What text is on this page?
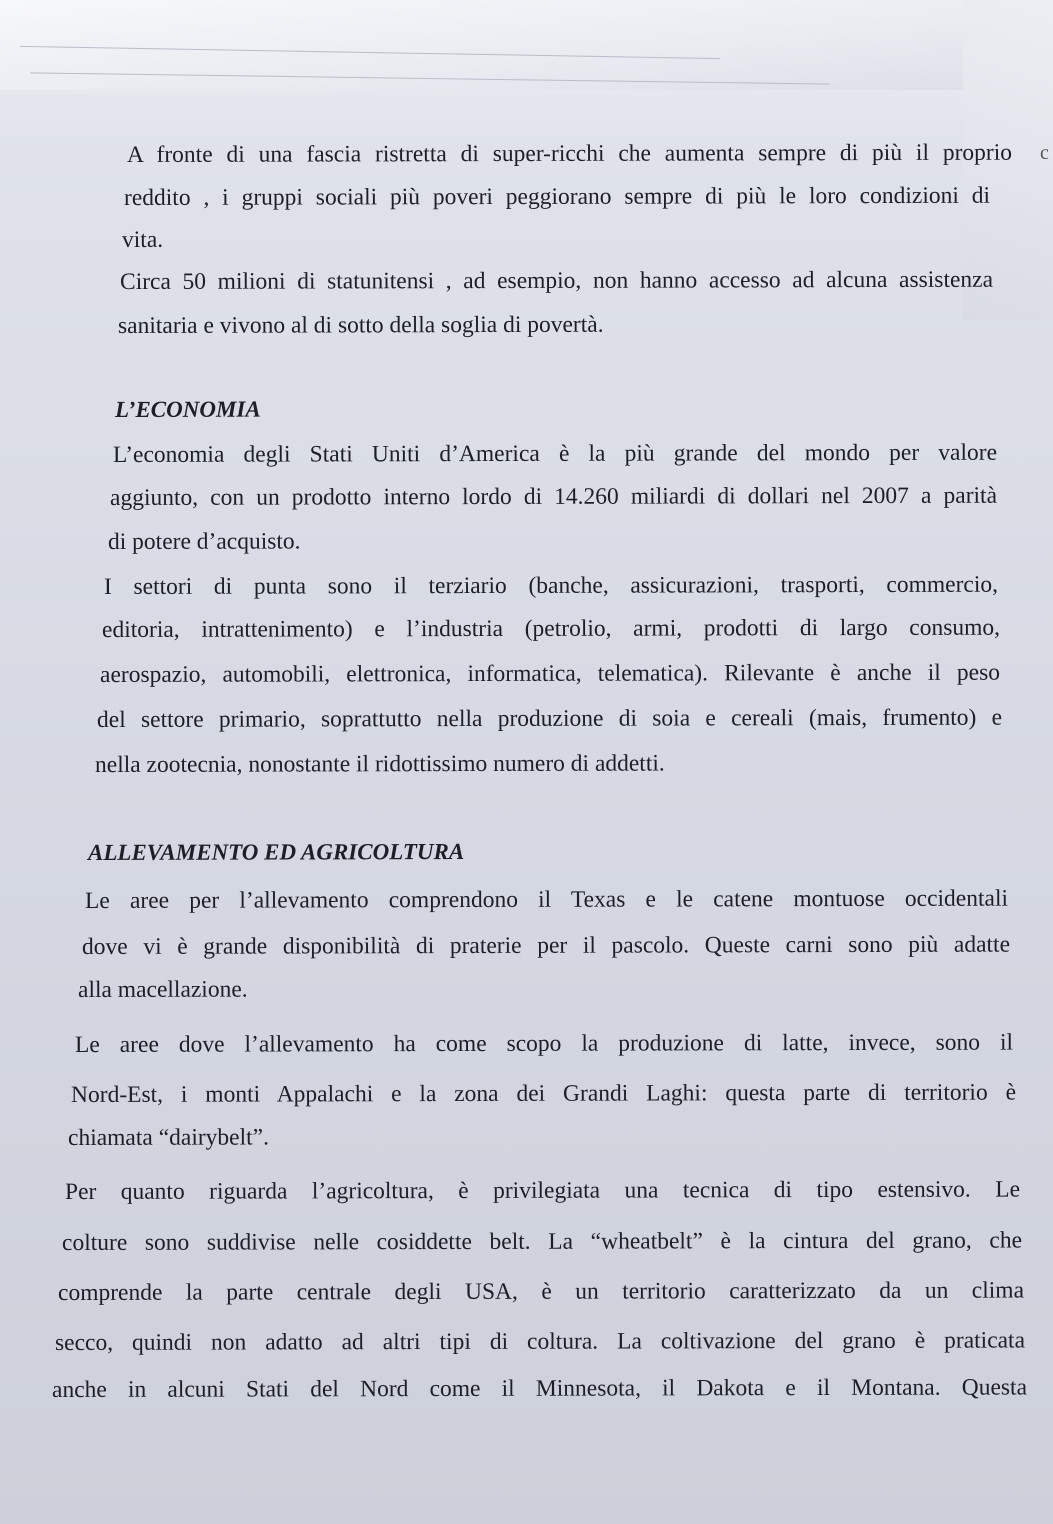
c
A fronte di una fascia ristretta di super-ricchi che aumenta sempre di più il proprio
reddito , i gruppi sociali più poveri peggiorano sempre di più le loro condizioni di
vita.
Circa 50 milioni di statunitensi , ad esempio, non hanno accesso ad alcuna assistenza
sanitaria e vivono al di sotto della soglia di povertà.
L’ECONOMIA
L’economia degli Stati Uniti d’America è la più grande del mondo per valore
aggiunto, con un prodotto interno lordo di 14.260 miliardi di dollari nel 2007 a parità
di potere d’acquisto.
I settori di punta sono il terziario (banche, assicurazioni, trasporti, commercio,
editoria, intrattenimento) e l’industria (petrolio, armi, prodotti di largo consumo,
aerospazio, automobili, elettronica, informatica, telematica). Rilevante è anche il peso
del settore primario, soprattutto nella produzione di soia e cereali (mais, frumento) e
nella zootecnia, nonostante il ridottissimo numero di addetti.
ALLEVAMENTO ED AGRICOLTURA
Le aree per l’allevamento comprendono il Texas e le catene montuose occidentali
dove vi è grande disponibilità di praterie per il pascolo. Queste carni sono più adatte
alla macellazione.
Le aree dove l’allevamento ha come scopo la produzione di latte, invece, sono il
Nord-Est, i monti Appalachi e la zona dei Grandi Laghi: questa parte di territorio è
chiamata “dairybelt”.
Per quanto riguarda l’agricoltura, è privilegiata una tecnica di tipo estensivo. Le
colture sono suddivise nelle cosiddette belt. La “wheatbelt” è la cintura del grano, che
comprende la parte centrale degli USA, è un territorio caratterizzato da un clima
secco, quindi non adatto ad altri tipi di coltura. La coltivazione del grano è praticata
anche in alcuni Stati del Nord come il Minnesota, il Dakota e il Montana. Questa
